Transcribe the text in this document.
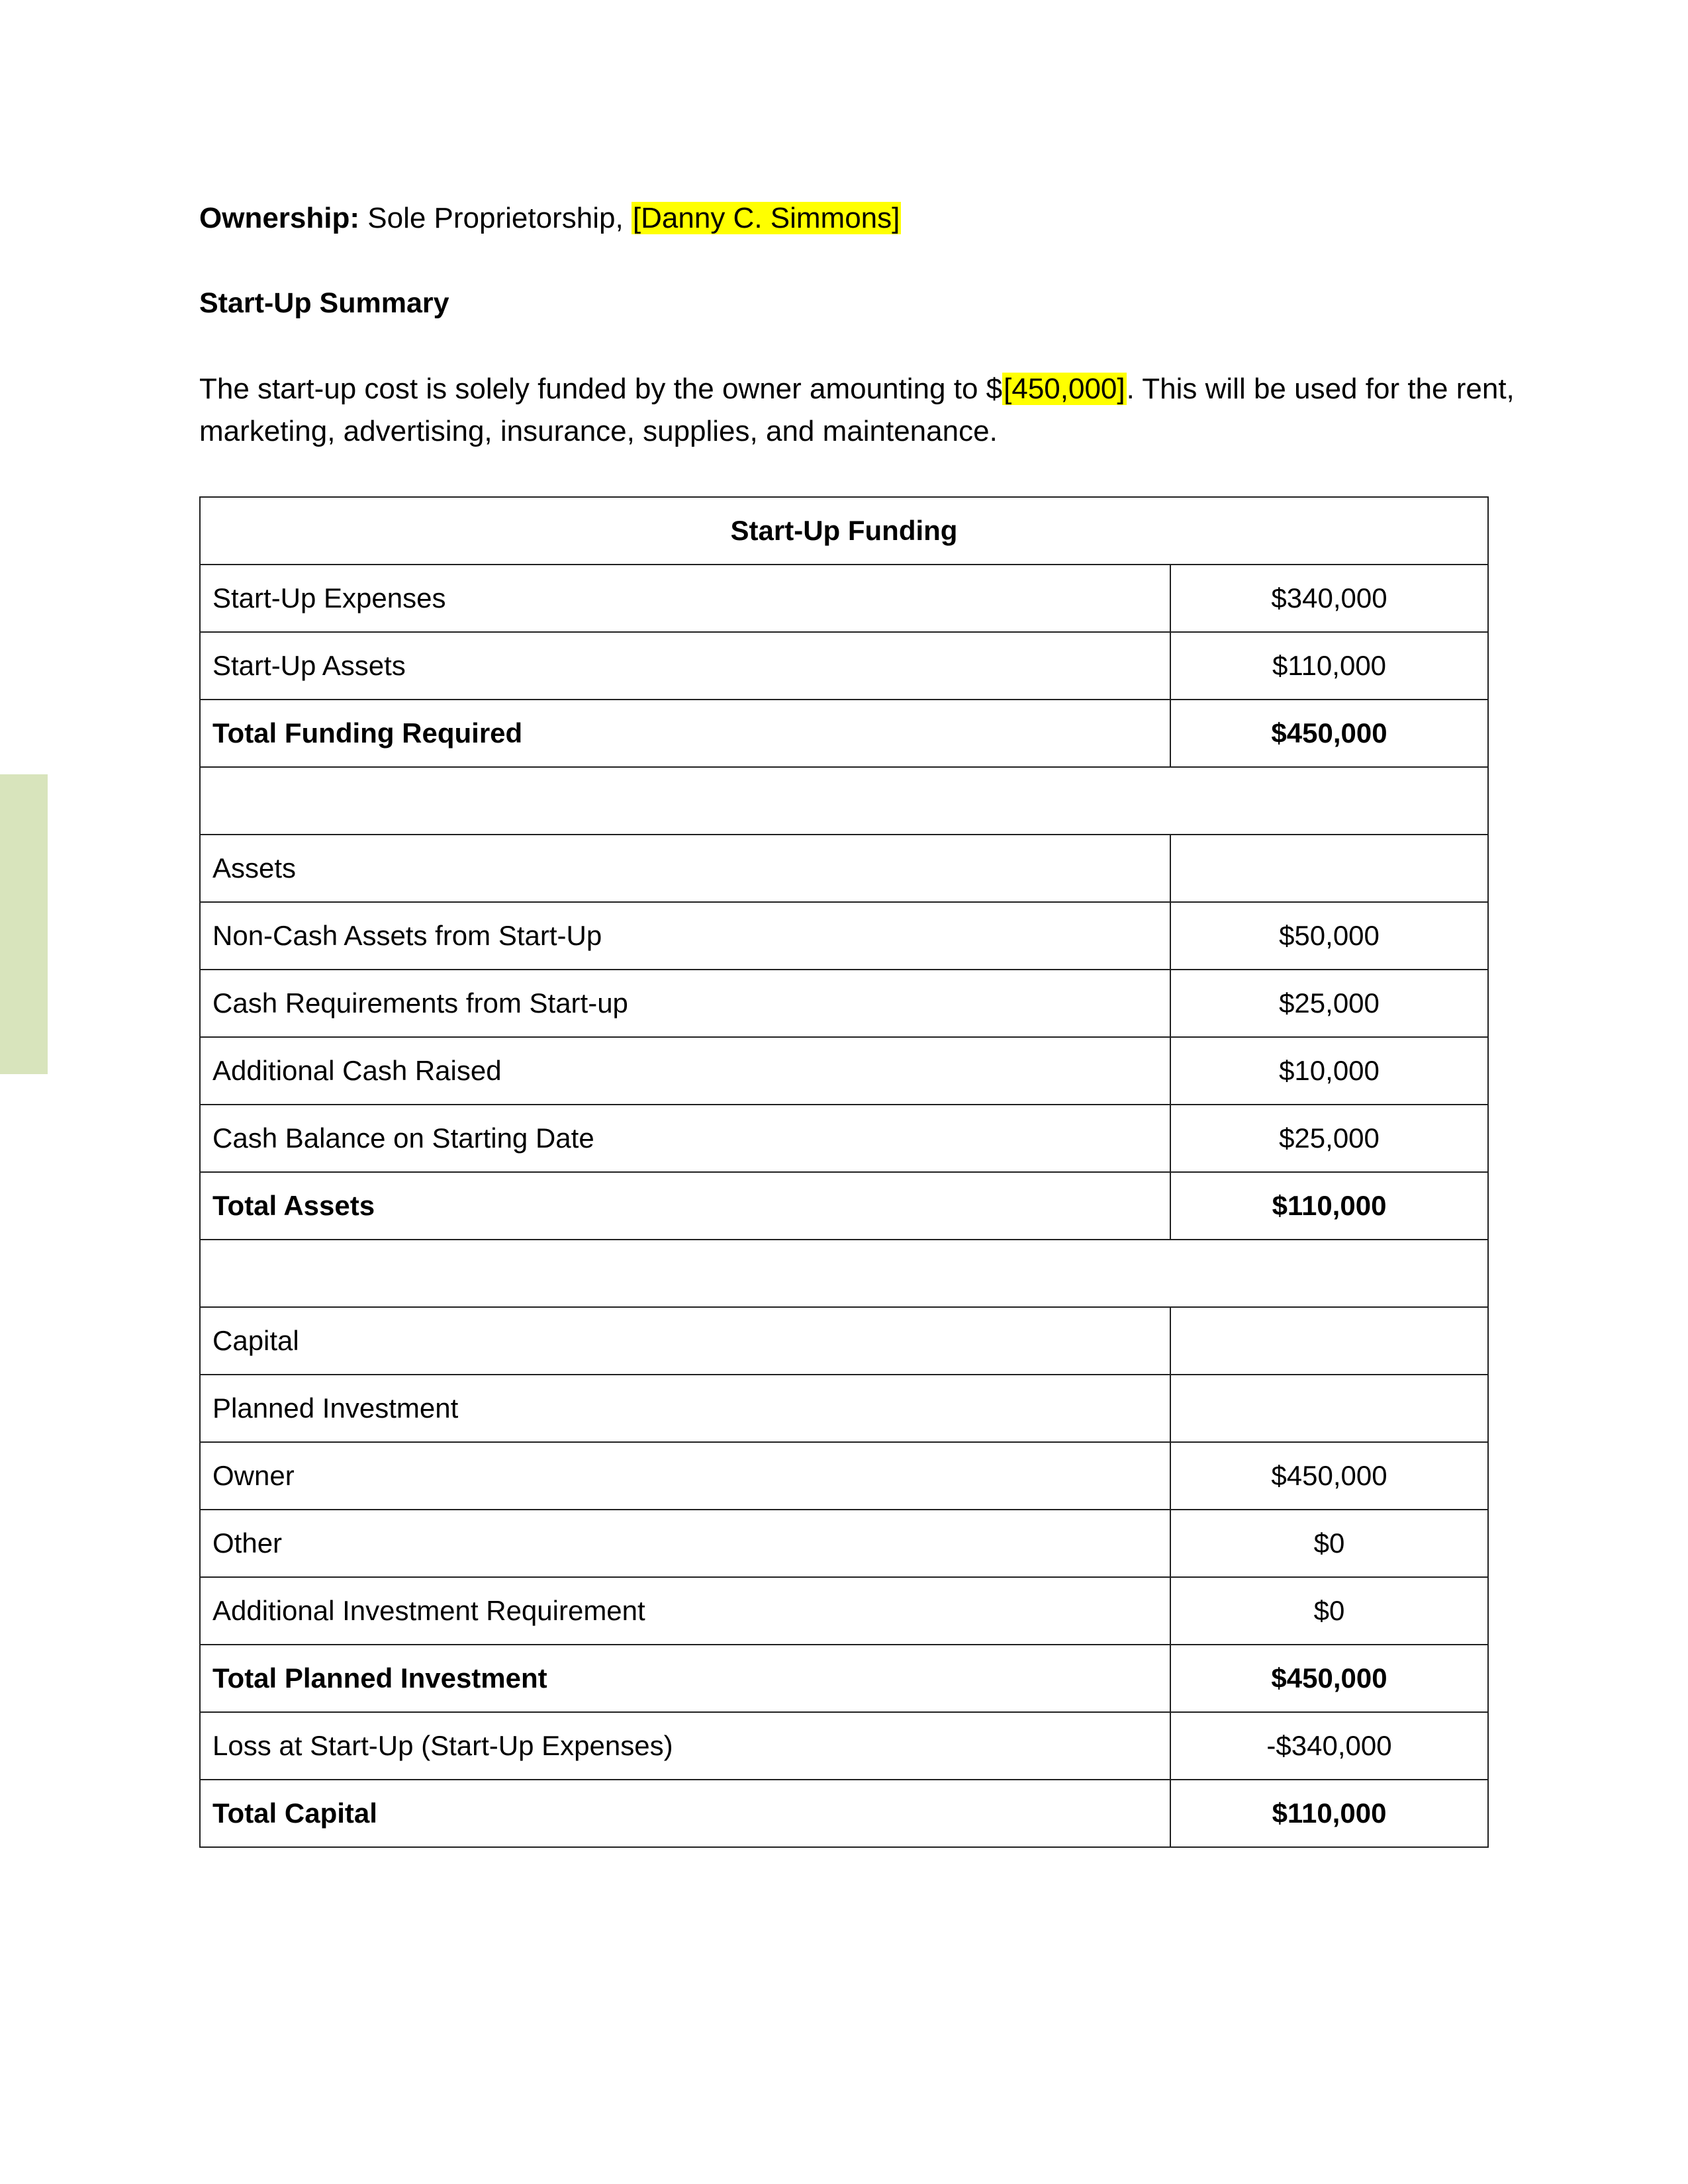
Ownership: Sole Proprietorship, [Danny C. Simmons]
Start-Up Summary
The start-up cost is solely funded by the owner amounting to $[450,000]. This will be used for the rent,
marketing, advertising, insurance, supplies, and maintenance.
Start-Up Funding	
Start-Up Expenses	$340,000
Start-Up Assets	$110,000
Total Funding Required	$450,000

Assets	
Non-Cash Assets from Start-Up	$50,000
Cash Requirements from Start-up	$25,000
Additional Cash Raised	$10,000
Cash Balance on Starting Date	$25,000
Total Assets	$110,000

Capital	
Planned Investment	
Owner	$450,000
Other	$0
Additional Investment Requirement	$0
Total Planned Investment	$450,000
Loss at Start-Up (Start-Up Expenses)	-$340,000
Total Capital	$110,000
